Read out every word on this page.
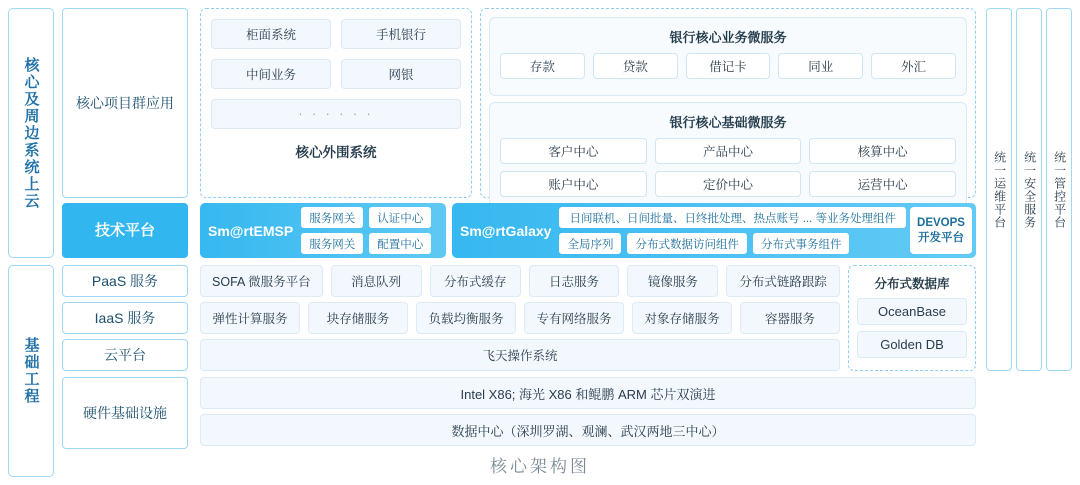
核心及周边系统上云
基础工程
核心项目群应用
技术平台
PaaS 服务
IaaS 服务
云平台
硬件基础设施
柜面系统	手机银行
中间业务	网银
· · · · · ·
核心外围系统
银行核心业务微服务
存款	贷款	借记卡	同业	外汇
银行核心基础微服务
客户中心	产品中心	核算中心
账户中心	定价中心	运营中心
Sm@rtEMSP
服务网关	认证中心
服务网关	配置中心
Sm@rtGalaxy
日间联机、日间批量、日终批处理、热点账号 ... 等业务处理组件
全局序列	分布式数据访问组件	分布式事务组件
DEVOPS
开发平台
SOFA 微服务平台	消息队列	分布式缓存	日志服务	镜像服务	分布式链路跟踪
弹性计算服务	块存储服务	负载均衡服务	专有网络服务	对象存储服务	容器服务
飞天操作系统
分布式数据库
OceanBase
Golden DB
Intel X86; 海光 X86 和鲲鹏 ARM 芯片双演进
数据中心（深圳罗湖、观澜、武汉两地三中心）
统一运维平台 统一安全服务 统一管控平台
核心架构图
